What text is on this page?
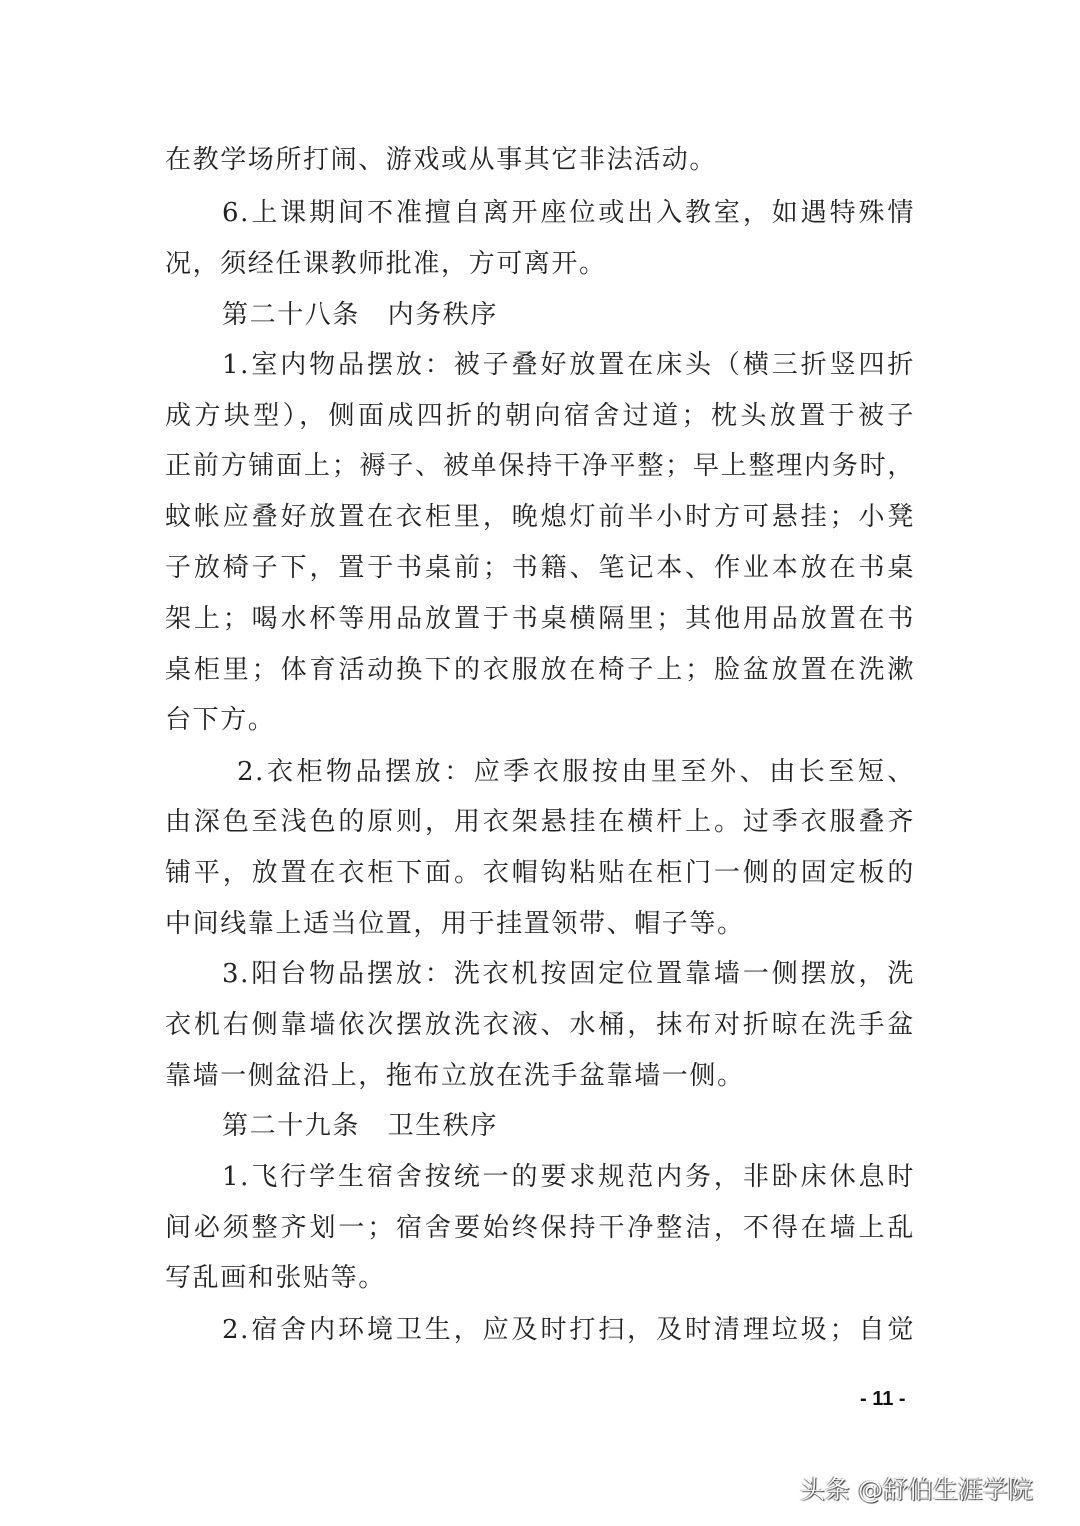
在教学场所打闹、游戏或从事其它非法活动。
6.上课期间不准擅自离开座位或出入教室，如遇特殊情
况，须经任课教师批准，方可离开。
第二十八条　内务秩序
1.室内物品摆放：被子叠好放置在床头（横三折竖四折
成方块型），侧面成四折的朝向宿舍过道；枕头放置于被子
正前方铺面上；褥子、被单保持干净平整；早上整理内务时，
蚊帐应叠好放置在衣柜里，晚熄灯前半小时方可悬挂；小凳
子放椅子下，置于书桌前；书籍、笔记本、作业本放在书桌
架上；喝水杯等用品放置于书桌横隔里；其他用品放置在书
桌柜里；体育活动换下的衣服放在椅子上；脸盆放置在洗漱
台下方。
2.衣柜物品摆放：应季衣服按由里至外、由长至短、
由深色至浅色的原则，用衣架悬挂在横杆上。过季衣服叠齐
铺平，放置在衣柜下面。衣帽钩粘贴在柜门一侧的固定板的
中间线靠上适当位置，用于挂置领带、帽子等。
3.阳台物品摆放：洗衣机按固定位置靠墙一侧摆放，洗
衣机右侧靠墙依次摆放洗衣液、水桶，抹布对折晾在洗手盆
靠墙一侧盆沿上，拖布立放在洗手盆靠墙一侧。
第二十九条　卫生秩序
1.飞行学生宿舍按统一的要求规范内务，非卧床休息时
间必须整齐划一；宿舍要始终保持干净整洁，不得在墙上乱
写乱画和张贴等。
2.宿舍内环境卫生，应及时打扫，及时清理垃圾；自觉
- 11 -
头条 @舒伯生涯学院
